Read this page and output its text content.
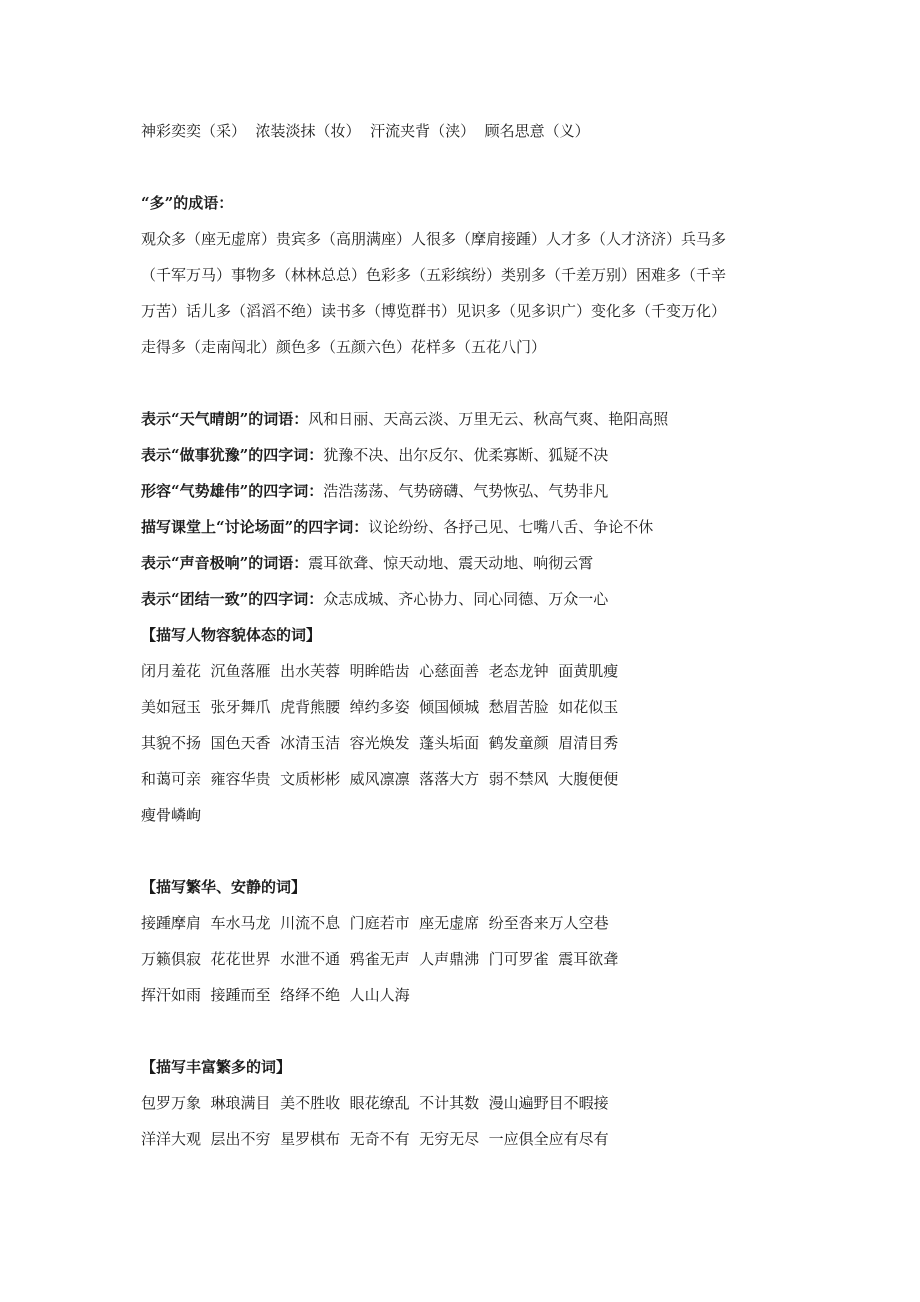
神彩奕奕（采）  浓装淡抹（妆）  汗流夹背（浃）  顾名思意（义）
“多”的成语：
观众多（座无虚席）贵宾多（高朋满座）人很多（摩肩接踵）人才多（人才济济）兵马多
（千军万马）事物多（林林总总）色彩多（五彩缤纷）类别多（千差万别）困难多（千辛
万苦）话儿多（滔滔不绝）读书多（博览群书）见识多（见多识广）变化多（千变万化）
走得多（走南闯北）颜色多（五颜六色）花样多（五花八门）
表示“天气晴朗”的词语：风和日丽、天高云淡、万里无云、秋高气爽、艳阳高照
表示“做事犹豫”的四字词：犹豫不决、出尔反尔、优柔寡断、狐疑不决
形容“气势雄伟”的四字词：浩浩荡荡、气势磅礴、气势恢弘、气势非凡
描写课堂上“讨论场面”的四字词：议论纷纷、各抒己见、七嘴八舌、争论不休
表示“声音极响”的词语：震耳欲聋、惊天动地、震天动地、响彻云霄
表示“团结一致”的四字词：众志成城、齐心协力、同心同德、万众一心
【描写人物容貌体态的词】
闭月羞花  沉鱼落雁  出水芙蓉  明眸皓齿  心慈面善  老态龙钟  面黄肌瘦
美如冠玉  张牙舞爪  虎背熊腰  绰约多姿  倾国倾城  愁眉苦脸  如花似玉
其貌不扬  国色天香  冰清玉洁  容光焕发  蓬头垢面  鹤发童颜  眉清目秀
和蔼可亲  雍容华贵  文质彬彬  威风凛凛  落落大方  弱不禁风  大腹便便
瘦骨嶙峋
【描写繁华、安静的词】
接踵摩肩  车水马龙  川流不息  门庭若市  座无虚席  纷至沓来万人空巷
万籁俱寂  花花世界  水泄不通  鸦雀无声  人声鼎沸  门可罗雀  震耳欲聋
挥汗如雨  接踵而至  络绎不绝  人山人海
【描写丰富繁多的词】
包罗万象  琳琅满目  美不胜收  眼花缭乱  不计其数  漫山遍野目不暇接
洋洋大观  层出不穷  星罗棋布  无奇不有  无穷无尽  一应俱全应有尽有
